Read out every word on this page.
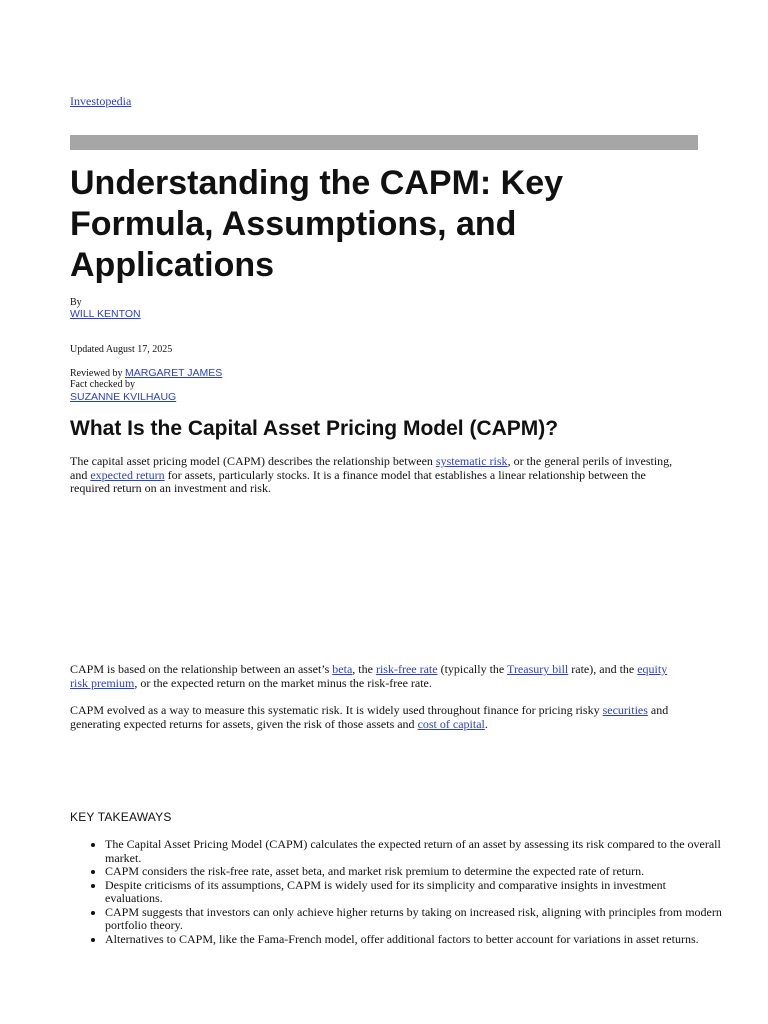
Investopedia
Understanding the CAPM: Key Formula, Assumptions, and Applications
By
WILL KENTON
Updated August 17, 2025
Reviewed by MARGARET JAMES
Fact checked by
SUZANNE KVILHAUG
What Is the Capital Asset Pricing Model (CAPM)?

The capital asset pricing model (CAPM) describes the relationship between systematic risk, or the general perils of investing, and expected return for assets, particularly stocks. It is a finance model that establishes a linear relationship between the required return on an investment and risk.

CAPM is based on the relationship between an asset’s beta, the risk-free rate (typically the Treasury bill rate), and the equity risk premium, or the expected return on the market minus the risk-free rate.

CAPM evolved as a way to measure this systematic risk. It is widely used throughout finance for pricing risky securities and generating expected returns for assets, given the risk of those assets and cost of capital.

KEY TAKEAWAYS
• The Capital Asset Pricing Model (CAPM) calculates the expected return of an asset by assessing its risk compared to the overall market.
• CAPM considers the risk-free rate, asset beta, and market risk premium to determine the expected rate of return.
• Despite criticisms of its assumptions, CAPM is widely used for its simplicity and comparative insights in investment evaluations.
• CAPM suggests that investors can only achieve higher returns by taking on increased risk, aligning with principles from modern portfolio theory.
• Alternatives to CAPM, like the Fama-French model, offer additional factors to better account for variations in asset returns.
